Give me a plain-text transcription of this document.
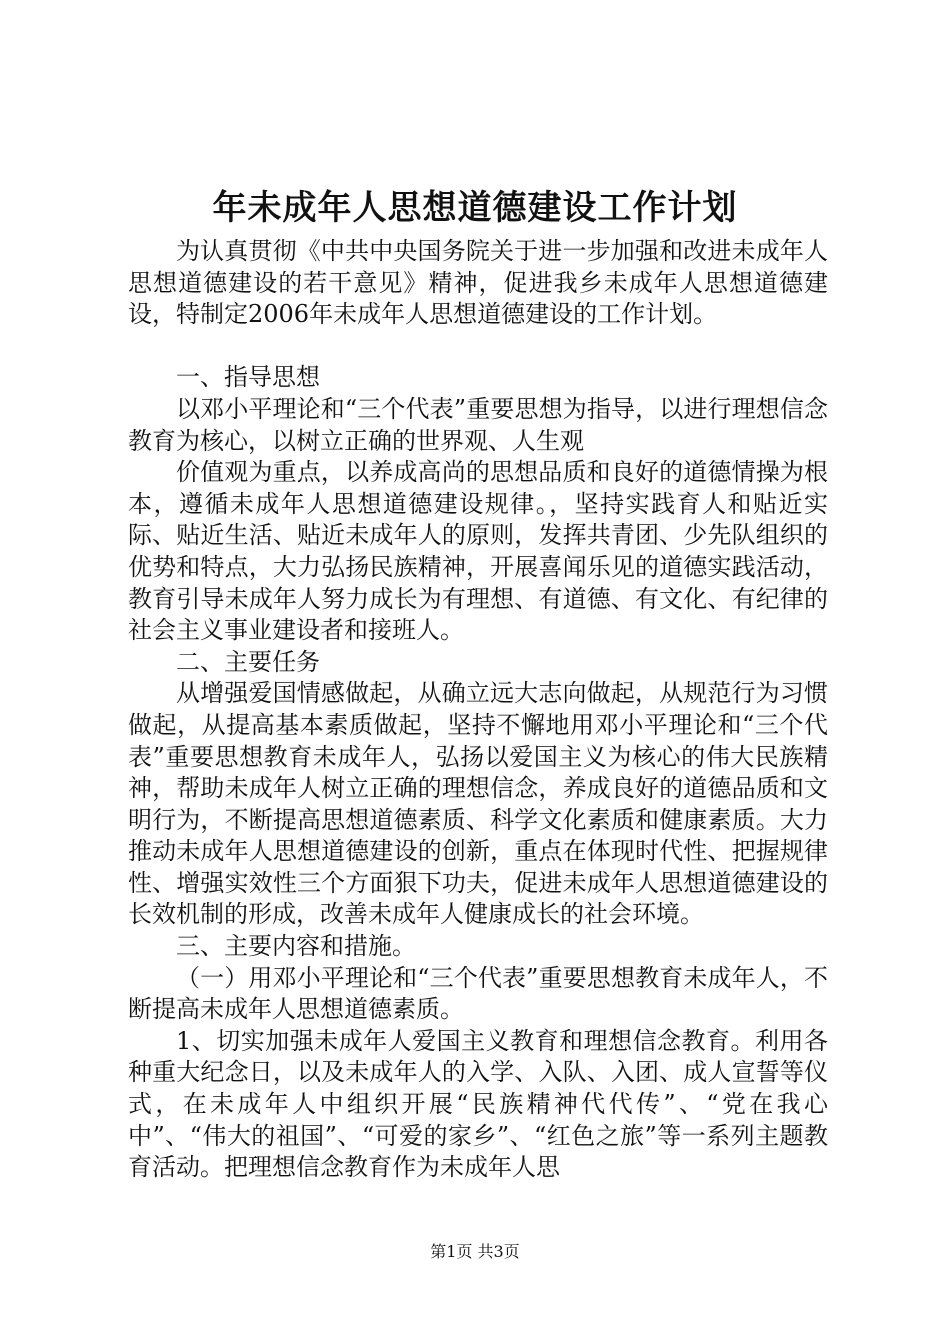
年未成年人思想道德建设工作计划

为认真贯彻《中共中央国务院关于进一步加强和改进未成年人思想道德建设的若干意见》精神，促进我乡未成年人思想道德建设，特制定2006年未成年人思想道德建设的工作计划。

一、指导思想

以邓小平理论和“三个代表”重要思想为指导，以进行理想信念教育为核心，以树立正确的世界观、人生观

价值观为重点，以养成高尚的思想品质和良好的道德情操为根本，遵循未成年人思想道德建设规律。，坚持实践育人和贴近实际、贴近生活、贴近未成年人的原则，发挥共青团、少先队组织的优势和特点，大力弘扬民族精神，开展喜闻乐见的道德实践活动，教育引导未成年人努力成长为有理想、有道德、有文化、有纪律的社会主义事业建设者和接班人。

二、主要任务

从增强爱国情感做起，从确立远大志向做起，从规范行为习惯做起，从提高基本素质做起，坚持不懈地用邓小平理论和“三个代表”重要思想教育未成年人，弘扬以爱国主义为核心的伟大民族精神，帮助未成年人树立正确的理想信念，养成良好的道德品质和文明行为，不断提高思想道德素质、科学文化素质和健康素质。大力推动未成年人思想道德建设的创新，重点在体现时代性、把握规律性、增强实效性三个方面狠下功夫，促进未成年人思想道德建设的长效机制的形成，改善未成年人健康成长的社会环境。

三、主要内容和措施。

（一）用邓小平理论和“三个代表”重要思想教育未成年人，不断提高未成年人思想道德素质。

1、切实加强未成年人爱国主义教育和理想信念教育。利用各种重大纪念日，以及未成年人的入学、入队、入团、成人宣誓等仪式，在未成年人中组织开展“民族精神代代传”、“党在我心中”、“伟大的祖国”、“可爱的家乡”、“红色之旅”等一系列主题教育活动。把理想信念教育作为未成年人思

第1页 共3页
